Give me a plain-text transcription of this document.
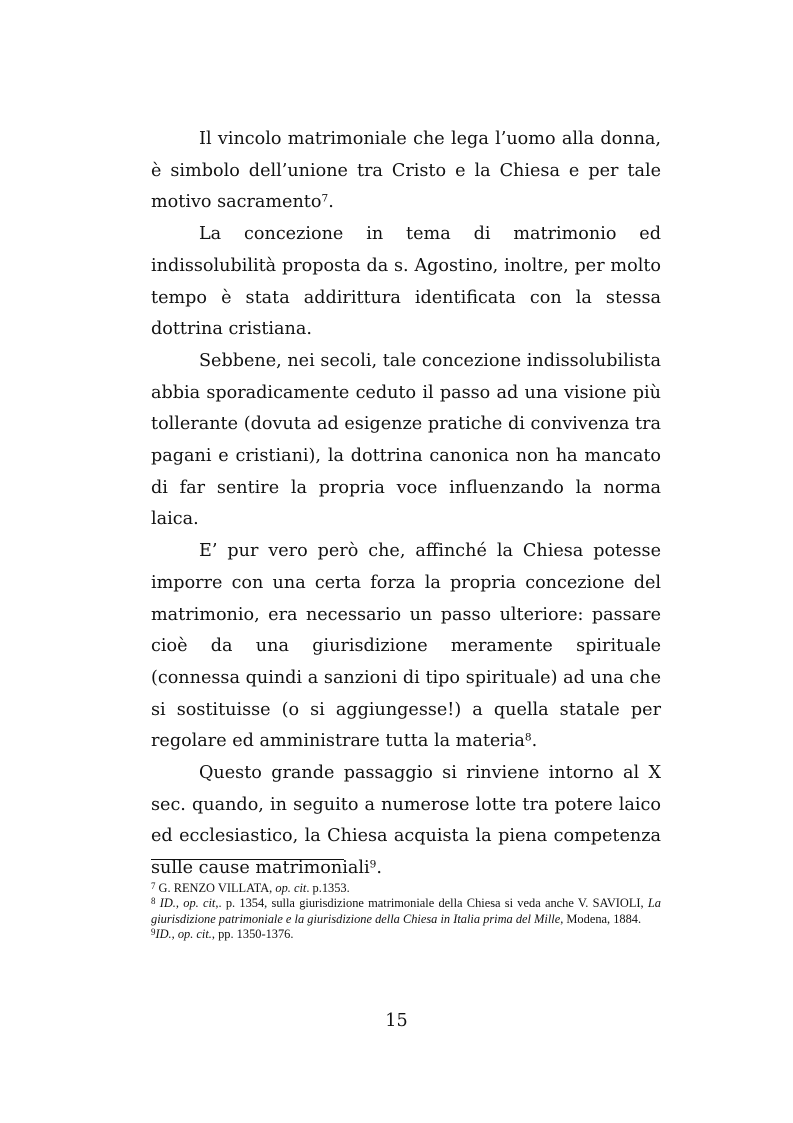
Il vincolo matrimoniale che lega l’uomo alla donna, è simbolo dell’unione tra Cristo e la Chiesa e per tale motivo sacramento$^7$.

La concezione in tema di matrimonio ed indissolubilità proposta da s. Agostino, inoltre, per molto tempo è stata addirittura identificata con la stessa dottrina cristiana.

Sebbene, nei secoli, tale concezione indissolubilista abbia sporadicamente ceduto il passo ad una visione più tollerante (dovuta ad esigenze pratiche di convivenza tra pagani e cristiani), la dottrina canonica non ha mancato di far sentire la propria voce influenzando la norma laica.

E’ pur vero però che, affinché la Chiesa potesse imporre con una certa forza la propria concezione del matrimonio, era necessario un passo ulteriore: passare cioè da una giurisdizione meramente spirituale (connessa quindi a sanzioni di tipo spirituale) ad una che si sostituisse (o si aggiungesse!) a quella statale per regolare ed amministrare tutta la materia$^8$.

Questo grande passaggio si rinviene intorno al X sec. quando, in seguito a numerose lotte tra potere laico ed ecclesiastico, la Chiesa acquista la piena competenza sulle cause matrimoniali$^9$.

$^7$ G. RENZO VILLATA, op. cit. p.1353.
$^8$ ID., op. cit,. p. 1354, sulla giurisdizione matrimoniale della Chiesa si veda anche V. SAVIOLI, La giurisdizione patrimoniale e la giurisdizione della Chiesa in Italia prima del Mille, Modena, 1884.
$^9$ID., op. cit., pp. 1350-1376.
15
